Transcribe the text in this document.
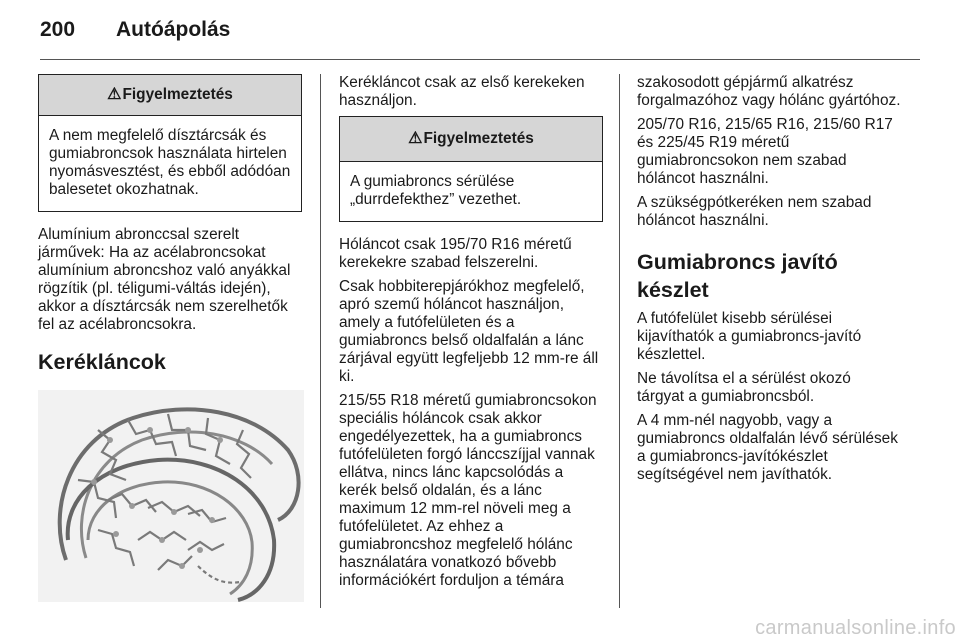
200 Autóápolás
⚠Figyelmeztetés
A nem megfelelő dísztárcsák és gumiabroncsok használata hirtelen nyomásvesztést, és ebből adódóan balesetet okozhatnak.

Alumínium abronccsal szerelt járművek: Ha az acélabroncsokat alumínium abroncshoz való anyákkal rögzítik (pl. téligumi-váltás idején), akkor a dísztárcsák nem szerelhetők fel az acélabroncsokra.

Kerékláncok

Kerékláncot csak az első kerekeken használjon.

⚠Figyelmeztetés
A gumiabroncs sérülése „durrdefekthez” vezethet.

Hóláncot csak 195/70 R16 méretű kerekekre szabad felszerelni.

Csak hobbiterepjárókhoz megfelelő, apró szemű hóláncot használjon, amely a futófelületen és a gumiabroncs belső oldalfalán a lánc zárjával együtt legfeljebb 12 mm-re áll ki.

215/55 R18 méretű gumiabroncsokon speciális hóláncok csak akkor engedélyezettek, ha a gumiabroncs futófelületen forgó lánccszíjjal vannak ellátva, nincs lánc kapcsolódás a kerék belső oldalán, és a lánc maximum 12 mm-rel növeli meg a futófelületet. Az ehhez a gumiabroncshoz megfelelő hólánc használatára vonatkozó bővebb információkért forduljon a témára

szakosodott gépjármű alkatrész forgalmazóhoz vagy hólánc gyártóhoz.

205/70 R16, 215/65 R16, 215/60 R17 és 225/45 R19 méretű gumiabroncsokon nem szabad hóláncot használni.

A szükségpótkeréken nem szabad hóláncot használni.

Gumiabroncs javító készlet

A futófelület kisebb sérülései kijavíthatók a gumiabroncs-javító készlettel.

Ne távolítsa el a sérülést okozó tárgyat a gumiabroncsból.

A 4 mm-nél nagyobb, vagy a gumiabroncs oldalfalán lévő sérülések a gumiabroncs-javítókészlet segítségével nem javíthatók.

carmanualsonline.info
